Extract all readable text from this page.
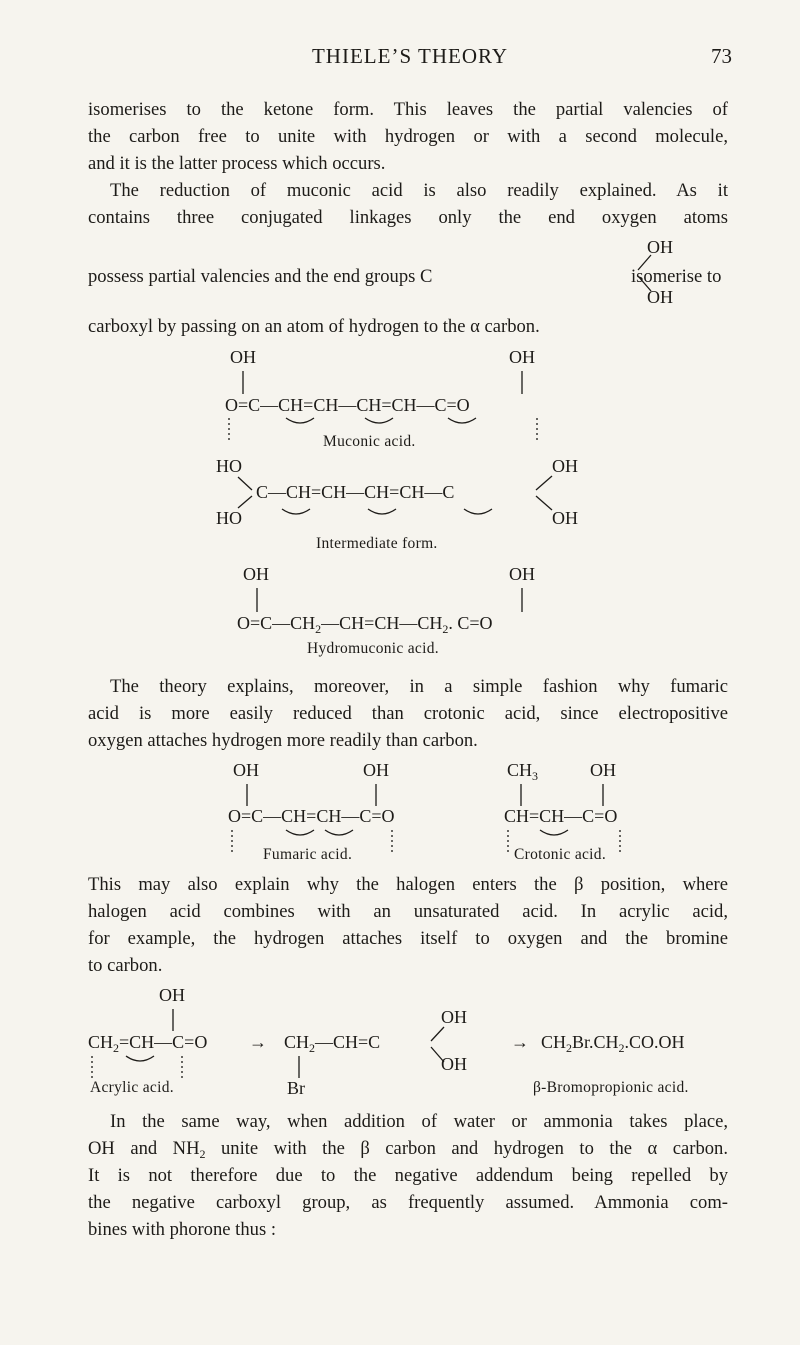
THIELE’S THEORY	73
isomerises to the ketone form. This leaves the partial valencies of
the carbon free to unite with hydrogen or with a second molecule,
and it is the latter process which occurs.
The reduction of muconic acid is also readily explained. As it
contains three conjugated linkages only the end oxygen atoms
OH
possess partial valencies and the end groups C	isomerise to
OH
carboxyl by passing on an atom of hydrogen to the α carbon.
OH	OH
O=C—CH=CH—CH=CH—C=O
Muconic acid.
HO
HO
C—CH=CH—CH=CH—C
OH
OH
Intermediate form.
OH	OH
$O=C—CH_2—CH=CH—CH_2$. C=O
Hydromuconic acid.
The theory explains, moreover, in a simple fashion why fumaric
acid is more easily reduced than crotonic acid, since electropositive
oxygen attaches hydrogen more readily than carbon.
OH	OH
O=C—CH=CH—C=O
Fumaric acid.
$CH_3$	OH
CH=CH—C=O
Crotonic acid.
This may also explain why the halogen enters the β position, where
halogen acid combines with an unsaturated acid. In acrylic acid,
for example, the hydrogen attaches itself to oxygen and the bromine
to carbon.
OH
$CH_2=CH—C=O$ → $CH_2—CH=C$
OH
OH
Br
→ $CH_2Br.CH_2.CO.OH$
Acrylic acid.	β-Bromopropionic acid.
In the same way, when addition of water or ammonia takes place,
OH and $NH_2$ unite with the β carbon and hydrogen to the α carbon.
It is not therefore due to the negative addendum being repelled by
the negative carboxyl group, as frequently assumed. Ammonia com-
bines with phorone thus :
